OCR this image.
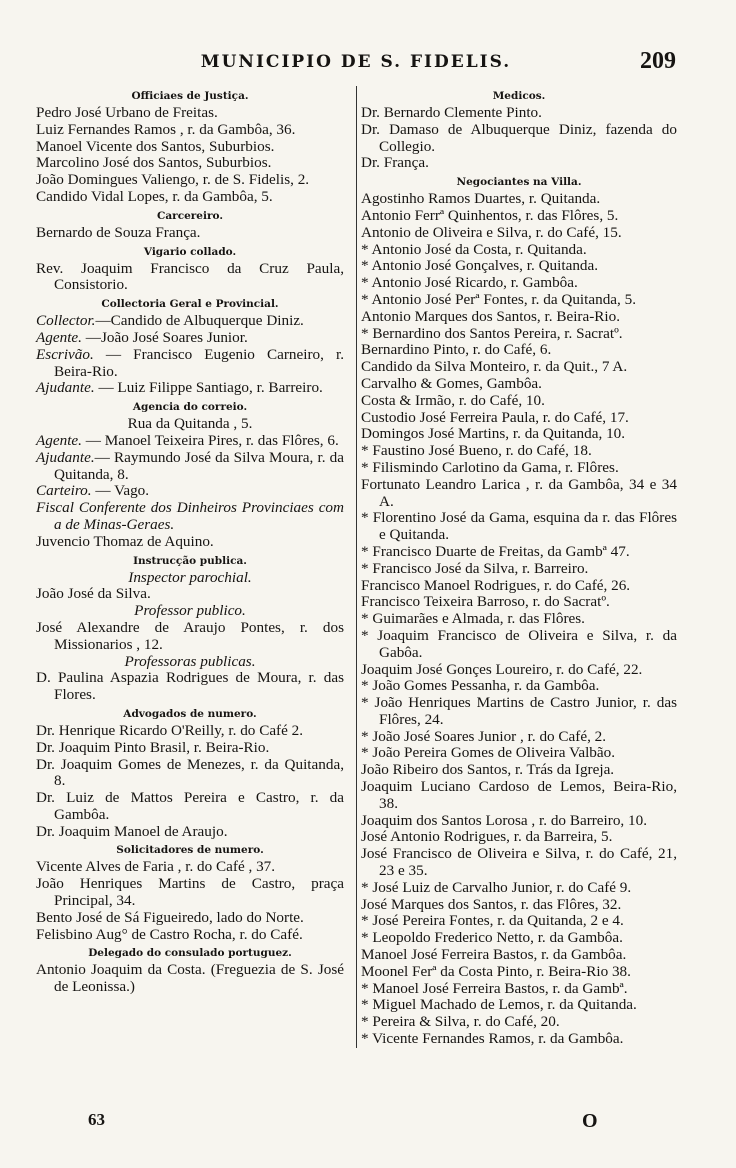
MUNICIPIO DE S. FIDELIS.	209
Officiaes de Justiça.

Pedro José Urbano de Freitas.

Luiz Fernandes Ramos , r. da Gambôa, 36.

Manoel Vicente dos Santos, Suburbios.

Marcolino José dos Santos, Suburbios.

João Domingues Valiengo, r. de S. Fidelis, 2.

Candido Vidal Lopes, r. da Gambôa, 5.

Carcereiro.

Bernardo de Souza França.

Vigario collado.

Rev. Joaquim Francisco da Cruz Paula, Consistorio.

Collectoria Geral e Provincial.

Collector.—Candido de Albuquerque Diniz.

Agente. —João José Soares Junior.

Escrivão. — Francisco Eugenio Carneiro, r. Beira-Rio.

Ajudante. — Luiz Filippe Santiago, r. Barreiro.

Agencia do correio.

Rua da Quitanda , 5.

Agente. — Manoel Teixeira Pires, r. das Flôres, 6.

Ajudante.— Raymundo José da Silva Moura, r. da Quitanda, 8.

Carteiro. — Vago.

Fiscal Conferente dos Dinheiros Provinciaes com a de Minas-Geraes.

Juvencio Thomaz de Aquino.

Instrucção publica.

Inspector parochial.

João José da Silva.

Professor publico.

José Alexandre de Araujo Pontes, r. dos Missionarios , 12.

Professoras publicas.

D. Paulina Aspazia Rodrigues de Moura, r. das Flores.

Advogados de numero.

Dr. Henrique Ricardo O'Reilly, r. do Café 2.

Dr. Joaquim Pinto Brasil, r. Beira-Rio.

Dr. Joaquim Gomes de Menezes, r. da Quitanda, 8.

Dr. Luiz de Mattos Pereira e Castro, r. da Gambôa.

Dr. Joaquim Manoel de Araujo.

Solicitadores de numero.

Vicente Alves de Faria , r. do Café , 37.

João Henriques Martins de Castro, praça Principal, 34.

Bento José de Sá Figueiredo, lado do Norte.

Felisbino Aug° de Castro Rocha, r. do Café.

Delegado do consulado portuguez.

Antonio Joaquim da Costa. (Freguezia de S. José de Leonissa.)

Medicos.

Dr. Bernardo Clemente Pinto.

Dr. Damaso de Albuquerque Diniz, fazenda do Collegio.

Dr. França.

Negociantes na Villa.

Agostinho Ramos Duartes, r. Quitanda.

Antonio Ferrª Quinhentos, r. das Flôres, 5.

Antonio de Oliveira e Silva, r. do Café, 15.

* Antonio José da Costa, r. Quitanda.

* Antonio José Gonçalves, r. Quitanda.

* Antonio José Ricardo, r. Gambôa.

* Antonio José Perª Fontes, r. da Quitanda, 5.

Antonio Marques dos Santos, r. Beira-Rio.

* Bernardino dos Santos Pereira, r. Sacratº.

Bernardino Pinto, r. do Café, 6.

Candido da Silva Monteiro, r. da Quit., 7 A.

Carvalho & Gomes, Gambôa.

Costa & Irmão, r. do Café, 10.

Custodio José Ferreira Paula, r. do Café, 17.

Domingos José Martins, r. da Quitanda, 10.

* Faustino José Bueno, r. do Café, 18.

* Filismindo Carlotino da Gama, r. Flôres.

Fortunato Leandro Larica , r. da Gambôa, 34 e 34 A.

* Florentino José da Gama, esquina da r. das Flôres e Quitanda.

* Francisco Duarte de Freitas, da Gambª 47.

* Francisco José da Silva, r. Barreiro.

Francisco Manoel Rodrigues, r. do Café, 26.

Francisco Teixeira Barroso, r. do Sacratº.

* Guimarães e Almada, r. das Flôres.

* Joaquim Francisco de Oliveira e Silva, r. da Gabôa.

Joaquim José Gonçes Loureiro, r. do Café, 22.

* João Gomes Pessanha, r. da Gambôa.

* João Henriques Martins de Castro Junior, r. das Flôres, 24.

* João José Soares Junior , r. do Café, 2.

* João Pereira Gomes de Oliveira Valbão.

João Ribeiro dos Santos, r. Trás da Igreja.

Joaquim Luciano Cardoso de Lemos, Beira-Rio, 38.

Joaquim dos Santos Lorosa , r. do Barreiro, 10.

José Antonio Rodrigues, r. da Barreira, 5.

José Francisco de Oliveira e Silva, r. do Café, 21, 23 e 35.

* José Luiz de Carvalho Junior, r. do Café 9.

José Marques dos Santos, r. das Flôres, 32.

* José Pereira Fontes, r. da Quitanda, 2 e 4.

* Leopoldo Frederico Netto, r. da Gambôa.

Manoel José Ferreira Bastos, r. da Gambôa.

Moonel Ferª da Costa Pinto, r. Beira-Rio 38.

* Manoel José Ferreira Bastos, r. da Gambª.

* Miguel Machado de Lemos, r. da Quitanda.

* Pereira & Silva, r. do Café, 20.

* Vicente Fernandes Ramos, r. da Gambôa.

63	O
